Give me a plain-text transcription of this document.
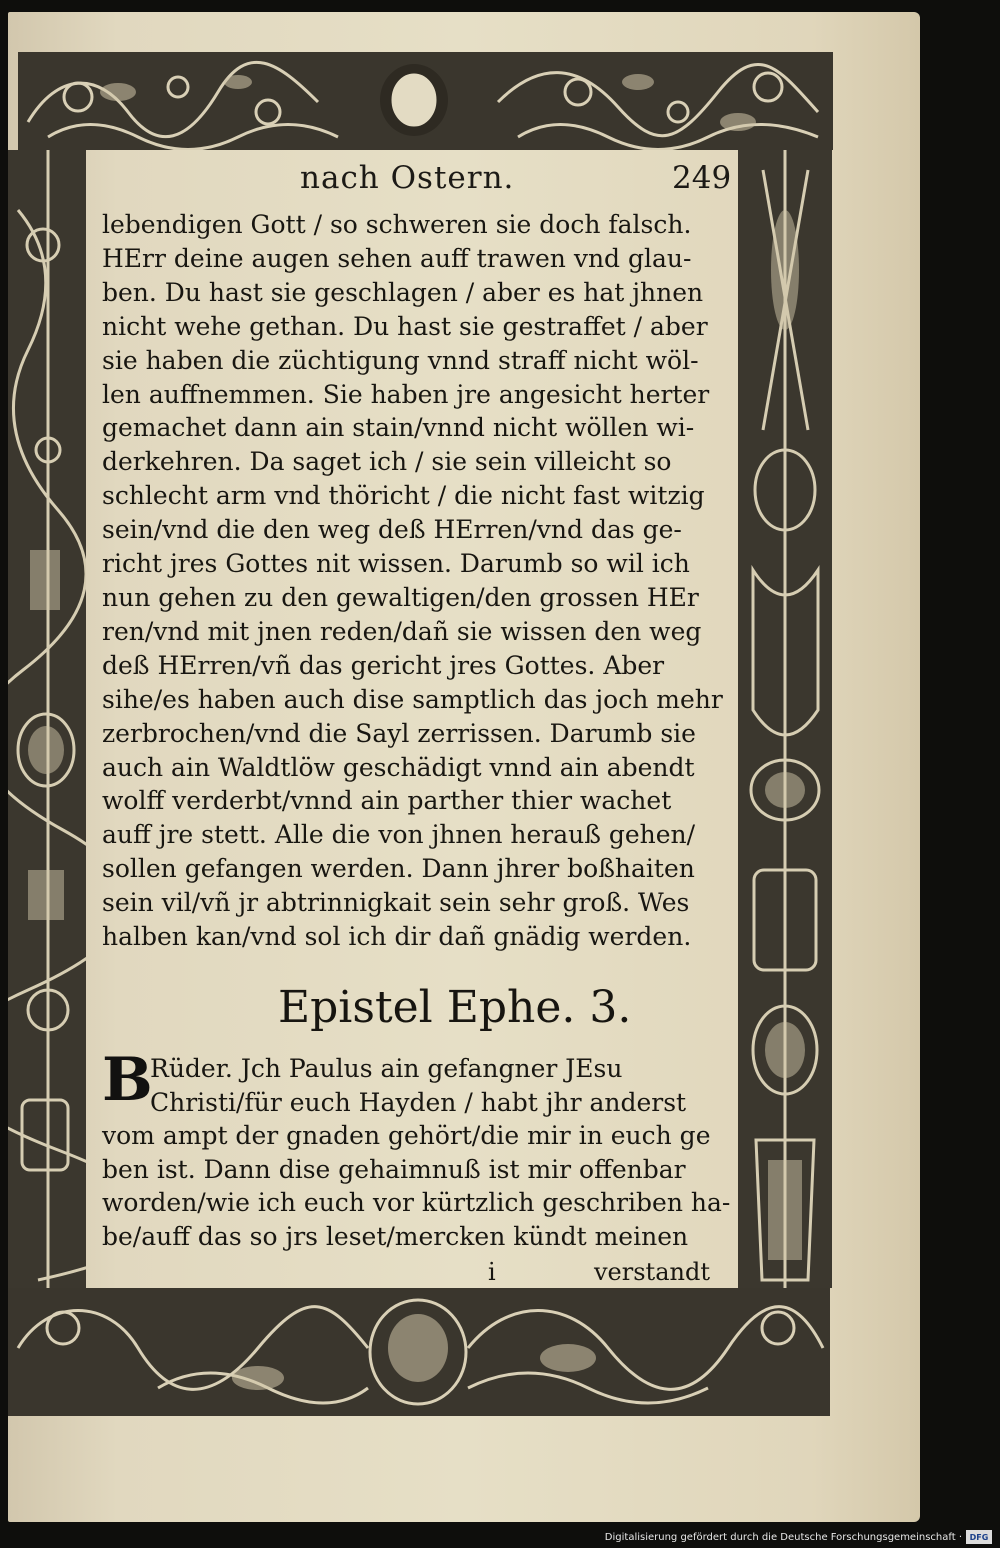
nach Ostern.	249
lebendigen Gott / so schweren sie doch falsch.
HErr deine augen sehen auff trawen vnd glau-
ben. Du hast sie geschlagen / aber es hat jhnen
nicht wehe gethan. Du hast sie gestraffet / aber
sie haben die züchtigung vnnd straff nicht wöl-
len auffnemmen. Sie haben jre angesicht herter
gemachet dann ain stain/vnnd nicht wöllen wi-
derkehren. Da saget ich / sie sein villeicht so
schlecht arm vnd thöricht / die nicht fast witzig
sein/vnd die den weg deß HErren/vnd das ge-
richt jres Gottes nit wissen. Darumb so wil ich
nun gehen zu den gewaltigen/den grossen HEr
ren/vnd mit jnen reden/dañ sie wissen den weg
deß HErren/vñ das gericht jres Gottes. Aber
sihe/es haben auch dise samptlich das joch mehr
zerbrochen/vnd die Sayl zerrissen. Darumb sie
auch ain Waldtlöw geschädigt vnnd ain abendt
wolff verderbt/vnnd ain parther thier wachet
auff jre stett. Alle die von jhnen herauß gehen/
sollen gefangen werden. Dann jhrer boßhaiten
sein vil/vñ jr abtrinnigkait sein sehr groß. Wes
halben kan/vnd sol ich dir dañ gnädig werden.
Epistel Ephe. 3.
B
Rüder. Jch Paulus ain gefangner JEsu
Christi/für euch Hayden / habt jhr anderst
vom ampt der gnaden gehört/die mir in euch ge
ben ist. Dann dise gehaimnuß ist mir offenbar
worden/wie ich euch vor kürtzlich geschriben ha-
be/auff das so jrs leset/mercken kündt meinen
i	verstandt
Digitalisierung gefördert durch die Deutsche Forschungsgemeinschaft · DFG
